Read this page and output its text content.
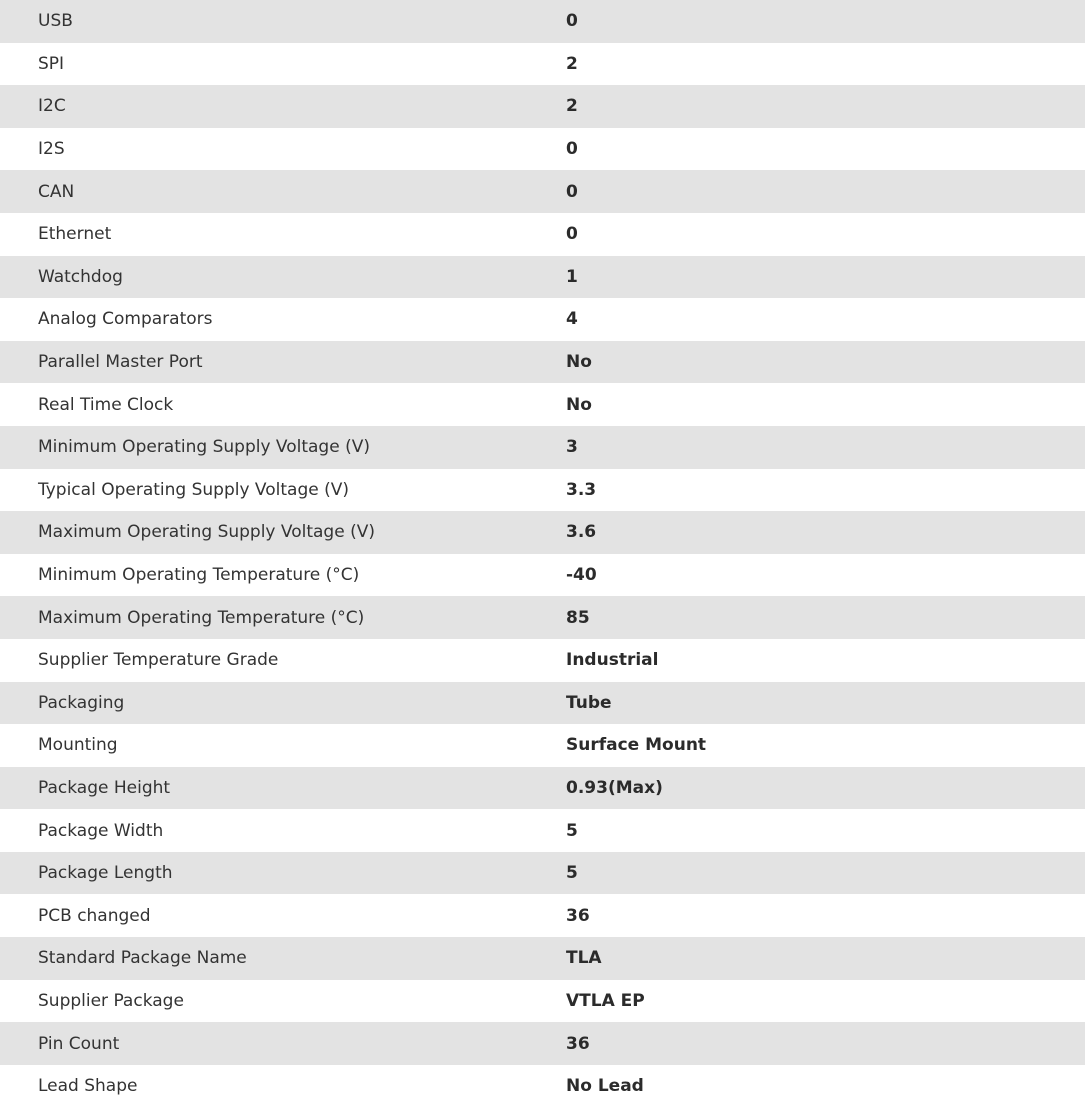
USB	0
SPI	2
I2C	2
I2S	0
CAN	0
Ethernet	0
Watchdog	1
Analog Comparators	4
Parallel Master Port	No
Real Time Clock	No
Minimum Operating Supply Voltage (V)	3
Typical Operating Supply Voltage (V)	3.3
Maximum Operating Supply Voltage (V)	3.6
Minimum Operating Temperature (°C)	-40
Maximum Operating Temperature (°C)	85
Supplier Temperature Grade	Industrial
Packaging	Tube
Mounting	Surface Mount
Package Height	0.93(Max)
Package Width	5
Package Length	5
PCB changed	36
Standard Package Name	TLA
Supplier Package	VTLA EP
Pin Count	36
Lead Shape	No Lead
